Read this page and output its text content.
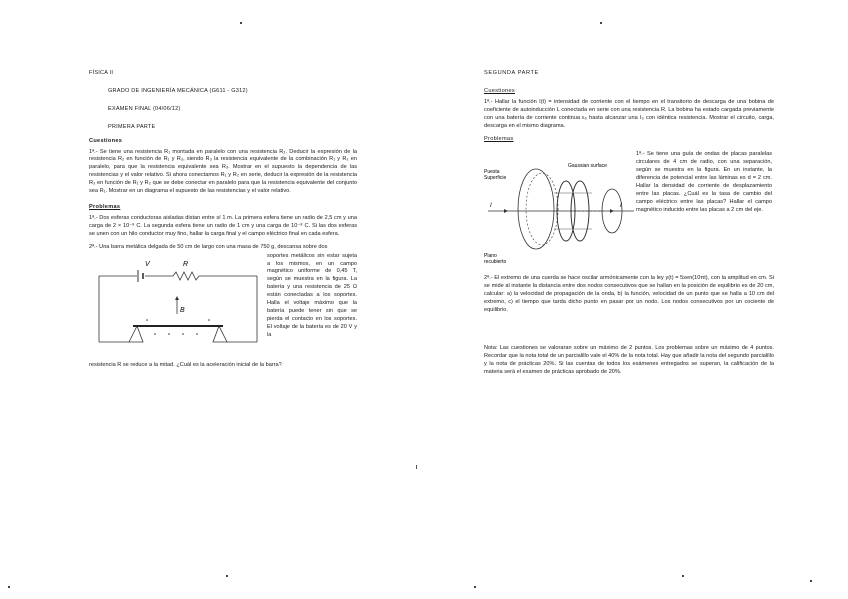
FÍSICA II
GRADO DE INGENIERÍA MECÁNICA (G611 - G312)
EXAMEN FINAL (04/06/12)
PRIMERA PARTE
Cuestiones
1ª.- Se tiene una resistencia R₁ montada en paralelo con una resistencia R₂. Deducir la expresión de la resistencia R₂ en función de R₁ y R₃, siendo R₃ la resistencia equivalente de la combinación R₁ y R₂ en paralelo, para que la resistencia equivalente sea R₃. Mostrar en el supuesto la dependencia de las resistencias y el valor relativo. Si ahora conectamos R₁ y R₂ en serie, deducir la expresión de la resistencia R₃ en función de R₁ y R₂ que se debe conectar en paralelo para que la resistencia equivalente del conjunto sea R₁. Mostrar en un diagrama el supuesto de las resistencias y el valor relativo.
Problemas
1ª.- Dos esferas conductoras aisladas distan entre sí 1 m. La primera esfera tiene un radio de 2,5 cm y una carga de 2 × 10⁻⁸ C. La segunda esfera tiene un radio de 1 cm y una carga de 10⁻⁸ C. Si las dos esferas se unen con un hilo conductor muy fino, hallar la carga final y el campo eléctrico final en cada esfera.
2ª.- Una barra metálica delgada de 50 cm de largo con una masa de 750 g, descansa sobre dos
soportes metálicos sin estar sujeta a los mismos, en un campo magnético uniforme de 0,45 T, según se muestra en la figura. La batería y una resistencia de 25 Ω están conectadas a los soportes. Halla el voltaje máximo que la batería puede tener sin que se pierda el contacto en los soportes. El voltaje de la batería es de 20 V y la
V	R
B
resistencia R se reduce a la mitad. ¿Cuál es la aceleración inicial de la barra?
SEGUNDA PARTE
Cuestiones
1ª.- Hallar la función I(t) = intensidad de corriente con el tiempo en el transitorio de descarga de una bobina de coeficiente de autoinducción L conectada en serie con una resistencia R. La bobina ha estado cargada previamente con una batería de corriente continua ε₀ hasta alcanzar una I₀ con idéntica resistencia. Mostrar el circuito, carga, descarga en el mismo diagrama.
Problemas
Puesta
Superficie
Gaussian surface
Plano
recubierto
I	I
1ª.- Se tiene una guía de ondas de placas paralelas circulares de 4 cm de radio, con una separación, según se muestra en la figura. En un instante, la diferencia de potencial entre las láminas es d = 2 cm. Hallar la densidad de corriente de desplazamiento entre las placas. ¿Cuál es la tasa de cambio del campo eléctrico entre las placas? Hallar el campo magnético inducido entre las placas a 2 cm del eje.
2ª.- El extremo de una cuerda se hace oscilar armónicamente con la ley y(t) = 5sen(10πt), con la amplitud en cm. Si se mide al instante la distancia entre dos nodos consecutivos que se hallan en la posición de equilibrio es de 20 cm, calcular: a) la velocidad de propagación de la onda, b) la función, velocidad de un punto que se halla a 10 cm del extremo, c) el tiempo que tarda dicho punto en pasar por un nodo. Los nodos consecutivos por un cociente de equilibrio.
Nota: Las cuestiones se valoraran sobre un máximo de 2 puntos. Los problemas sobre un máximo de 4 puntos. Recordar que la nota total de un parcialillo vale el 40% de la nota total. Hay que añadir la nota del segundo parcialillo y la nota de prácticas 20%. Si las cuentas de todos los exámenes entregados se superan, la calificación de la materia será el examen de prácticas aprobado de 20%.
